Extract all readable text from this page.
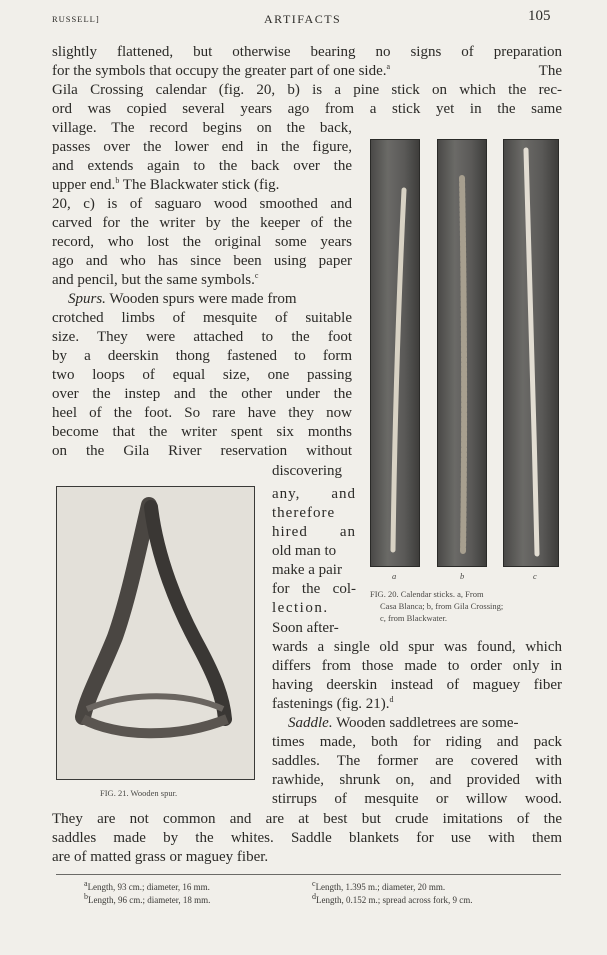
RUSSELL]	ARTIFACTS	105
slightly flattened, but otherwise bearing no signs of preparation
for the symbols that occupy the greater part of one side.$^a$	The
Gila Crossing calendar (fig. 20, b) is a pine stick on which the rec-
ord was copied several years ago from a stick yet in the same
village. The record begins on the back,
passes over the lower end in the figure,
and extends again to the back over the
upper end.$^b$ The Blackwater stick (fig.
20, c) is of saguaro wood smoothed and
carved for the writer by the keeper of the
record, who lost the original some years
ago and who has since been using paper
and pencil, but the same symbols.$^c$
Spurs. Wooden spurs were made from
crotched limbs of mesquite of suitable
size. They were attached to the foot
by a deerskin thong fastened to form
two loops of equal size, one passing
over the instep and the other under the
heel of the foot. So rare have they now
become that the writer spent six months
on the Gila River reservation without
discovering
any, and
therefore
hired an
old man to
make a pair
for the col-
lection.
Soon after-
wards a single old spur was found, which
differs from those made to order only in
having deerskin instead of maguey fiber
fastenings (fig. 21).$^d$
Saddle. Wooden saddletrees are some-
times made, both for riding and pack
saddles. The former are covered with
rawhide, shrunk on, and provided with
stirrups of mesquite or willow wood.
They are not common and are at best but crude imitations of the
saddles made by the whites. Saddle blankets for use with them
are of matted grass or maguey fiber.
a	b	c
FIG. 20. Calendar sticks. a, From
Casa Blanca; b, from Gila Crossing;
c, from Blackwater.
FIG. 21. Wooden spur.
$^a$Length, 93 cm.; diameter, 16 mm.
$^b$Length, 96 cm.; diameter, 18 mm.
$^c$Length, 1.395 m.; diameter, 20 mm.
$^d$Length, 0.152 m.; spread across fork, 9 cm.
